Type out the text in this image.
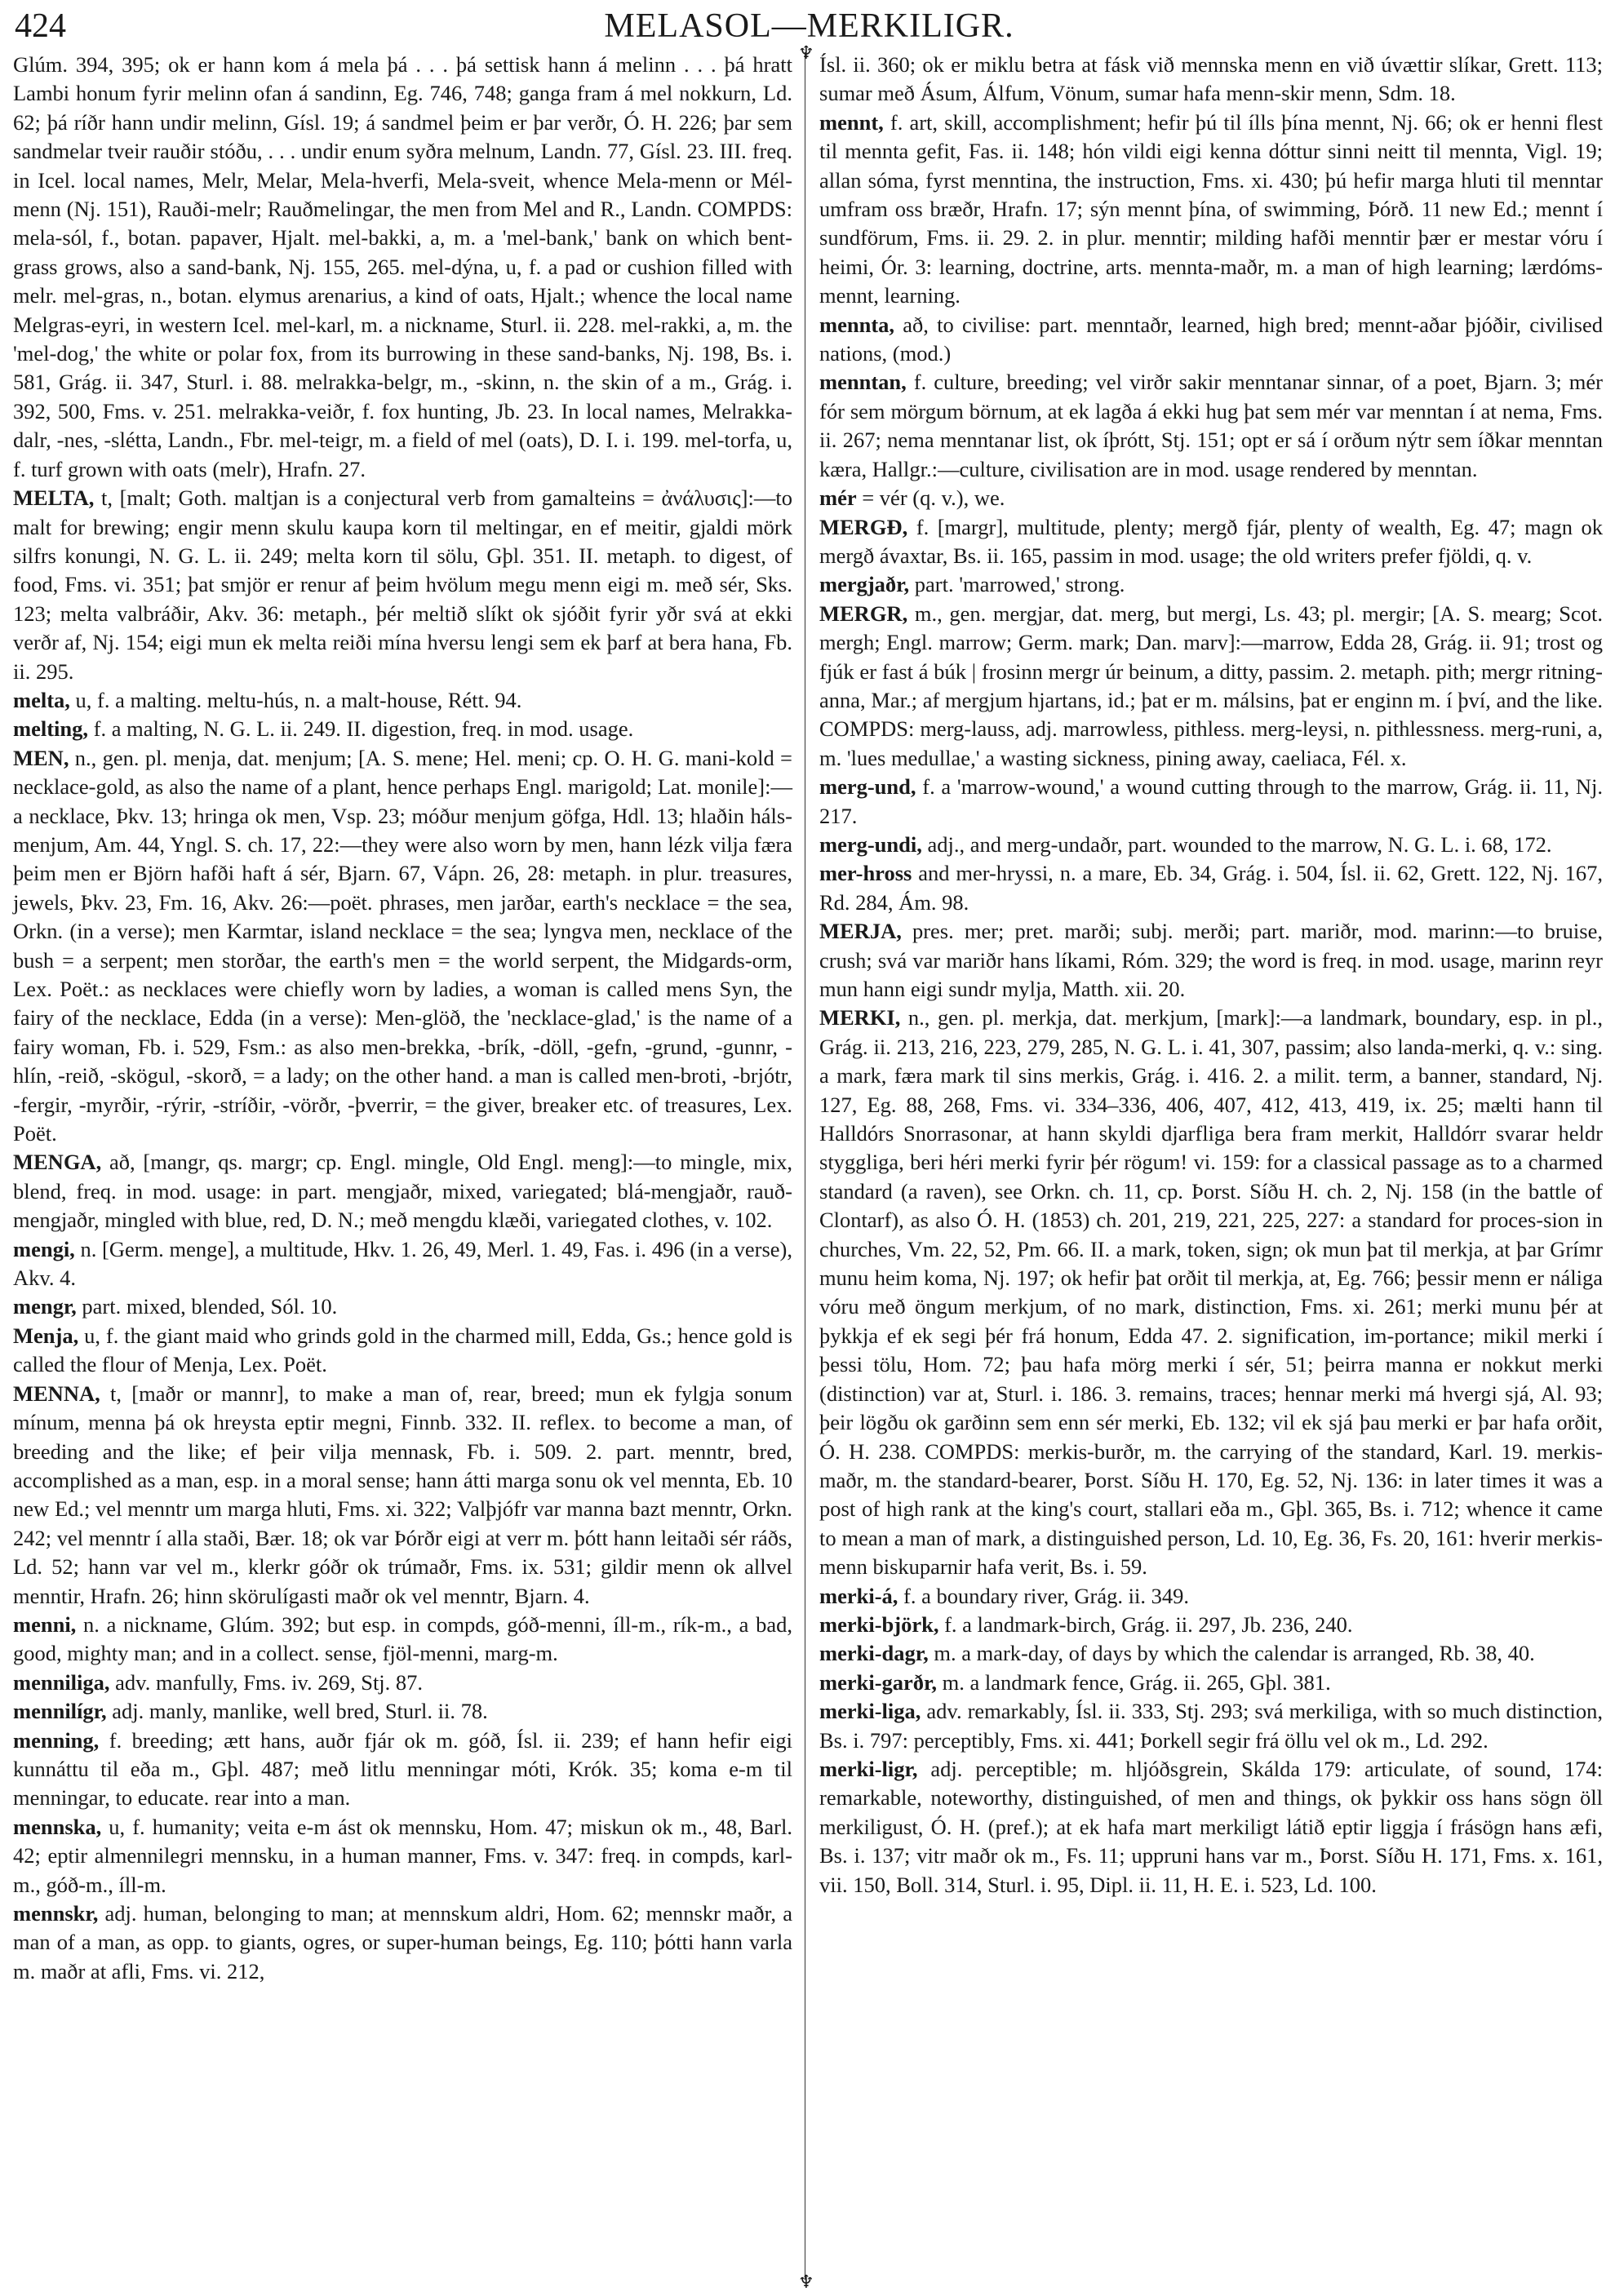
424	MELASOL—MERKILIGR.
♆
♆

Glúm. 394, 395; ok er hann kom á mela þá . . . þá settisk hann á melinn . . . þá hratt Lambi honum fyrir melinn ofan á sandinn, Eg. 746, 748; ganga fram á mel nokkurn, Ld. 62; þá ríðr hann undir melinn, Gísl. 19; á sandmel þeim er þar verðr, Ó. H. 226; þar sem sandmelar tveir rauðir stóðu, . . . undir enum syðra melnum, Landn. 77, Gísl. 23. III. freq. in Icel. local names, Melr, Melar, Mela-hverfi, Mela-sveit, whence Mela-menn or Mél-menn (Nj. 151), Rauði-melr; Rauðmelingar, the men from Mel and R., Landn. COMPDS: mela-sól, f., botan. papaver, Hjalt. mel-bakki, a, m. a 'mel-bank,' bank on which bent-grass grows, also a sand-bank, Nj. 155, 265. mel-dýna, u, f. a pad or cushion filled with melr. mel-gras, n., botan. elymus arenarius, a kind of oats, Hjalt.; whence the local name Melgras-eyri, in western Icel. mel-karl, m. a nickname, Sturl. ii. 228. mel-rakki, a, m. the 'mel-dog,' the white or polar fox, from its burrowing in these sand-banks, Nj. 198, Bs. i. 581, Grág. ii. 347, Sturl. i. 88. melrakka-belgr, m., -skinn, n. the skin of a m., Grág. i. 392, 500, Fms. v. 251. melrakka-veiðr, f. fox hunting, Jb. 23. In local names, Melrakka-dalr, -nes, -slétta, Landn., Fbr. mel-teigr, m. a field of mel (oats), D. I. i. 199. mel-torfa, u, f. turf grown with oats (melr), Hrafn. 27.

MELTA, t, [malt; Goth. maltjan is a conjectural verb from gamalteins = ἀνάλυσις]:—to malt for brewing; engir menn skulu kaupa korn til meltingar, en ef meitir, gjaldi mörk silfrs konungi, N. G. L. ii. 249; melta korn til sölu, Gþl. 351. II. metaph. to digest, of food, Fms. vi. 351; þat smjör er renur af þeim hvölum megu menn eigi m. með sér, Sks. 123; melta valbráðir, Akv. 36: metaph., þér meltið slíkt ok sjóðit fyrir yðr svá at ekki verðr af, Nj. 154; eigi mun ek melta reiði mína hversu lengi sem ek þarf at bera hana, Fb. ii. 295.

melta, u, f. a malting. meltu-hús, n. a malt-house, Rétt. 94.

melting, f. a malting, N. G. L. ii. 249. II. digestion, freq. in mod. usage.

MEN, n., gen. pl. menja, dat. menjum; [A. S. mene; Hel. meni; cp. O. H. G. mani-kold = necklace-gold, as also the name of a plant, hence perhaps Engl. marigold; Lat. monile]:—a necklace, Þkv. 13; hringa ok men, Vsp. 23; móður menjum göfga, Hdl. 13; hlaðin háls-menjum, Am. 44, Yngl. S. ch. 17, 22:—they were also worn by men, hann lézk vilja færa þeim men er Björn hafði haft á sér, Bjarn. 67, Vápn. 26, 28: metaph. in plur. treasures, jewels, Þkv. 23, Fm. 16, Akv. 26:—poët. phrases, men jarðar, earth's necklace = the sea, Orkn. (in a verse); men Karmtar, island necklace = the sea; lyngva men, necklace of the bush = a serpent; men storðar, the earth's men = the world serpent, the Midgards-orm, Lex. Poët.: as necklaces were chiefly worn by ladies, a woman is called mens Syn, the fairy of the necklace, Edda (in a verse): Men-glöð, the 'necklace-glad,' is the name of a fairy woman, Fb. i. 529, Fsm.: as also men-brekka, -brík, -döll, -gefn, -grund, -gunnr, -hlín, -reið, -skögul, -skorð, = a lady; on the other hand. a man is called men-broti, -brjótr, -fergir, -myrðir, -rýrir, -stríðir, -vörðr, -þverrir, = the giver, breaker etc. of treasures, Lex. Poët.

MENGA, að, [mangr, qs. margr; cp. Engl. mingle, Old Engl. meng]:—to mingle, mix, blend, freq. in mod. usage: in part. mengjaðr, mixed, variegated; blá-mengjaðr, rauð-mengjaðr, mingled with blue, red, D. N.; með mengdu klæði, variegated clothes, v. 102.

mengi, n. [Germ. menge], a multitude, Hkv. 1. 26, 49, Merl. 1. 49, Fas. i. 496 (in a verse), Akv. 4.

mengr, part. mixed, blended, Sól. 10.

Menja, u, f. the giant maid who grinds gold in the charmed mill, Edda, Gs.; hence gold is called the flour of Menja, Lex. Poët.

MENNA, t, [maðr or mannr], to make a man of, rear, breed; mun ek fylgja sonum mínum, menna þá ok hreysta eptir megni, Finnb. 332. II. reflex. to become a man, of breeding and the like; ef þeir vilja mennask, Fb. i. 509. 2. part. menntr, bred, accomplished as a man, esp. in a moral sense; hann átti marga sonu ok vel mennta, Eb. 10 new Ed.; vel menntr um marga hluti, Fms. xi. 322; Valþjófr var manna bazt menntr, Orkn. 242; vel menntr í alla staði, Bær. 18; ok var Þórðr eigi at verr m. þótt hann leitaði sér ráðs, Ld. 52; hann var vel m., klerkr góðr ok trúmaðr, Fms. ix. 531; gildir menn ok allvel menntir, Hrafn. 26; hinn skörulígasti maðr ok vel menntr, Bjarn. 4.

menni, n. a nickname, Glúm. 392; but esp. in compds, góð-menni, íll-m., rík-m., a bad, good, mighty man; and in a collect. sense, fjöl-menni, marg-m.

menniliga, adv. manfully, Fms. iv. 269, Stj. 87.

mennilígr, adj. manly, manlike, well bred, Sturl. ii. 78.

menning, f. breeding; ætt hans, auðr fjár ok m. góð, Ísl. ii. 239; ef hann hefir eigi kunnáttu til eða m., Gþl. 487; með litlu menningar móti, Krók. 35; koma e-m til menningar, to educate. rear into a man.

mennska, u, f. humanity; veita e-m ást ok mennsku, Hom. 47; miskun ok m., 48, Barl. 42; eptir almennilegri mennsku, in a human manner, Fms. v. 347: freq. in compds, karl-m., góð-m., íll-m.

mennskr, adj. human, belonging to man; at mennskum aldri, Hom. 62; mennskr maðr, a man of a man, as opp. to giants, ogres, or super-human beings, Eg. 110; þótti hann varla m. maðr at afli, Fms. vi. 212,

Ísl. ii. 360; ok er miklu betra at fásk við mennska menn en við úvættir slíkar, Grett. 113; sumar með Ásum, Álfum, Vönum, sumar hafa menn-skir menn, Sdm. 18.

mennt, f. art, skill, accomplishment; hefir þú til ílls þína mennt, Nj. 66; ok er henni flest til mennta gefit, Fas. ii. 148; hón vildi eigi kenna dóttur sinni neitt til mennta, Vigl. 19; allan sóma, fyrst menntina, the instruction, Fms. xi. 430; þú hefir marga hluti til menntar umfram oss bræðr, Hrafn. 17; sýn mennt þína, of swimming, Þórð. 11 new Ed.; mennt í sundförum, Fms. ii. 29. 2. in plur. menntir; milding hafði menntir þær er mestar vóru í heimi, Ór. 3: learning, doctrine, arts. mennta-maðr, m. a man of high learning; lærdóms-mennt, learning.

mennta, að, to civilise: part. menntaðr, learned, high bred; mennt-aðar þjóðir, civilised nations, (mod.)

menntan, f. culture, breeding; vel virðr sakir menntanar sinnar, of a poet, Bjarn. 3; mér fór sem mörgum börnum, at ek lagða á ekki hug þat sem mér var menntan í at nema, Fms. ii. 267; nema menntanar list, ok íþrótt, Stj. 151; opt er sá í orðum nýtr sem íðkar menntan kæra, Hallgr.:—culture, civilisation are in mod. usage rendered by menntan.

mér = vér (q. v.), we.

MERGÐ, f. [margr], multitude, plenty; mergð fjár, plenty of wealth, Eg. 47; magn ok mergð ávaxtar, Bs. ii. 165, passim in mod. usage; the old writers prefer fjöldi, q. v.

mergjaðr, part. 'marrowed,' strong.

MERGR, m., gen. mergjar, dat. merg, but mergi, Ls. 43; pl. mergir; [A. S. mearg; Scot. mergh; Engl. marrow; Germ. mark; Dan. marv]:—marrow, Edda 28, Grág. ii. 91; trost og fjúk er fast á búk | frosinn mergr úr beinum, a ditty, passim. 2. metaph. pith; mergr ritning-anna, Mar.; af mergjum hjartans, id.; þat er m. málsins, þat er enginn m. í því, and the like. COMPDS: merg-lauss, adj. marrowless, pithless. merg-leysi, n. pithlessness. merg-runi, a, m. 'lues medullae,' a wasting sickness, pining away, caeliaca, Fél. x.

merg-und, f. a 'marrow-wound,' a wound cutting through to the marrow, Grág. ii. 11, Nj. 217.

merg-undi, adj., and merg-undaðr, part. wounded to the marrow, N. G. L. i. 68, 172.

mer-hross and mer-hryssi, n. a mare, Eb. 34, Grág. i. 504, Ísl. ii. 62, Grett. 122, Nj. 167, Rd. 284, Ám. 98.

MERJA, pres. mer; pret. marði; subj. merði; part. mariðr, mod. marinn:—to bruise, crush; svá var mariðr hans líkami, Róm. 329; the word is freq. in mod. usage, marinn reyr mun hann eigi sundr mylja, Matth. xii. 20.

MERKI, n., gen. pl. merkja, dat. merkjum, [mark]:—a landmark, boundary, esp. in pl., Grág. ii. 213, 216, 223, 279, 285, N. G. L. i. 41, 307, passim; also landa-merki, q. v.: sing. a mark, færa mark til sins merkis, Grág. i. 416. 2. a milit. term, a banner, standard, Nj. 127, Eg. 88, 268, Fms. vi. 334–336, 406, 407, 412, 413, 419, ix. 25; mælti hann til Halldórs Snorrasonar, at hann skyldi djarfliga bera fram merkit, Halldórr svarar heldr styggliga, beri héri merki fyrir þér rögum! vi. 159: for a classical passage as to a charmed standard (a raven), see Orkn. ch. 11, cp. Þorst. Síðu H. ch. 2, Nj. 158 (in the battle of Clontarf), as also Ó. H. (1853) ch. 201, 219, 221, 225, 227: a standard for proces-sion in churches, Vm. 22, 52, Pm. 66. II. a mark, token, sign; ok mun þat til merkja, at þar Grímr munu heim koma, Nj. 197; ok hefir þat orðit til merkja, at, Eg. 766; þessir menn er náliga vóru með öngum merkjum, of no mark, distinction, Fms. xi. 261; merki munu þér at þykkja ef ek segi þér frá honum, Edda 47. 2. signification, im-portance; mikil merki í þessi tölu, Hom. 72; þau hafa mörg merki í sér, 51; þeirra manna er nokkut merki (distinction) var at, Sturl. i. 186. 3. remains, traces; hennar merki má hvergi sjá, Al. 93; þeir lögðu ok garðinn sem enn sér merki, Eb. 132; vil ek sjá þau merki er þar hafa orðit, Ó. H. 238. COMPDS: merkis-burðr, m. the carrying of the standard, Karl. 19. merkis-maðr, m. the standard-bearer, Þorst. Síðu H. 170, Eg. 52, Nj. 136: in later times it was a post of high rank at the king's court, stallari eða m., Gþl. 365, Bs. i. 712; whence it came to mean a man of mark, a distinguished person, Ld. 10, Eg. 36, Fs. 20, 161: hverir merkis-menn biskuparnir hafa verit, Bs. i. 59.

merki-á, f. a boundary river, Grág. ii. 349.

merki-björk, f. a landmark-birch, Grág. ii. 297, Jb. 236, 240.

merki-dagr, m. a mark-day, of days by which the calendar is arranged, Rb. 38, 40.

merki-garðr, m. a landmark fence, Grág. ii. 265, Gþl. 381.

merki-liga, adv. remarkably, Ísl. ii. 333, Stj. 293; svá merkiliga, with so much distinction, Bs. i. 797: perceptibly, Fms. xi. 441; Þorkell segir frá öllu vel ok m., Ld. 292.

merki-ligr, adj. perceptible; m. hljóðsgrein, Skálda 179: articulate, of sound, 174: remarkable, noteworthy, distinguished, of men and things, ok þykkir oss hans sögn öll merkiligust, Ó. H. (pref.); at ek hafa mart merkiligt látið eptir liggja í frásögn hans æfi, Bs. i. 137; vitr maðr ok m., Fs. 11; uppruni hans var m., Þorst. Síðu H. 171, Fms. x. 161, vii. 150, Boll. 314, Sturl. i. 95, Dipl. ii. 11, H. E. i. 523, Ld. 100.
